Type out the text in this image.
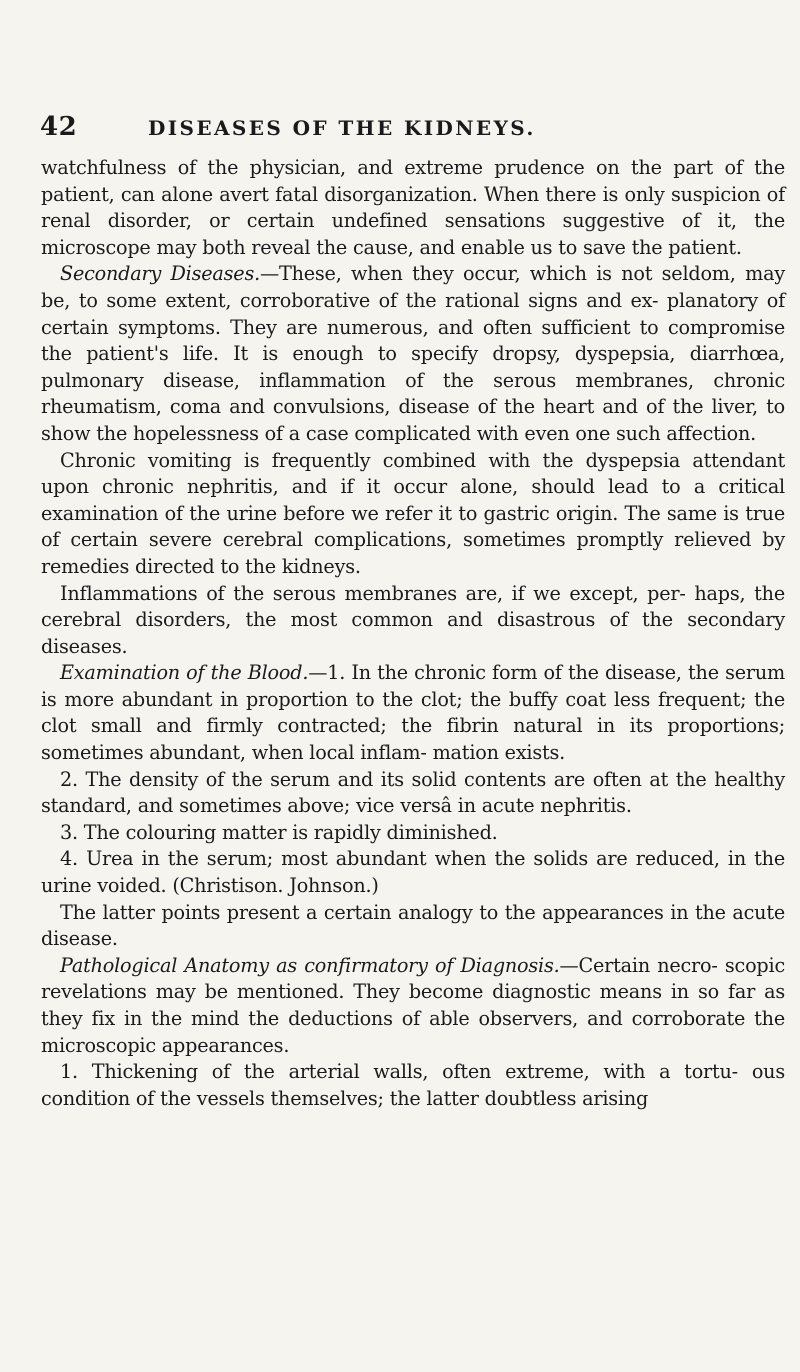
42	DISEASES OF THE KIDNEYS.

watchfulness of the physician, and extreme prudence on the part of the patient, can alone avert fatal disorganization. When there is only suspicion of renal disorder, or certain undefined sensations suggestive of it, the microscope may both reveal the cause, and enable us to save the patient.

Secondary Diseases.—These, when they occur, which is not seldom, may be, to some extent, corroborative of the rational signs and ex- planatory of certain symptoms. They are numerous, and often sufficient to compromise the patient's life. It is enough to specify dropsy, dyspepsia, diarrhœa, pulmonary disease, inflammation of the serous membranes, chronic rheumatism, coma and convulsions, disease of the heart and of the liver, to show the hopelessness of a case complicated with even one such affection.

Chronic vomiting is frequently combined with the dyspepsia attendant upon chronic nephritis, and if it occur alone, should lead to a critical examination of the urine before we refer it to gastric origin. The same is true of certain severe cerebral complications, sometimes promptly relieved by remedies directed to the kidneys.

Inflammations of the serous membranes are, if we except, per- haps, the cerebral disorders, the most common and disastrous of the secondary diseases.

Examination of the Blood.—1. In the chronic form of the disease, the serum is more abundant in proportion to the clot; the buffy coat less frequent; the clot small and firmly contracted; the fibrin natural in its proportions; sometimes abundant, when local inflam- mation exists.

2. The density of the serum and its solid contents are often at the healthy standard, and sometimes above; vice versâ in acute nephritis.

3. The colouring matter is rapidly diminished.

4. Urea in the serum; most abundant when the solids are reduced, in the urine voided. (Christison. Johnson.)

The latter points present a certain analogy to the appearances in the acute disease.

Pathological Anatomy as confirmatory of Diagnosis.—Certain necro- scopic revelations may be mentioned. They become diagnostic means in so far as they fix in the mind the deductions of able observers, and corroborate the microscopic appearances.

1. Thickening of the arterial walls, often extreme, with a tortu- ous condition of the vessels themselves; the latter doubtless arising
